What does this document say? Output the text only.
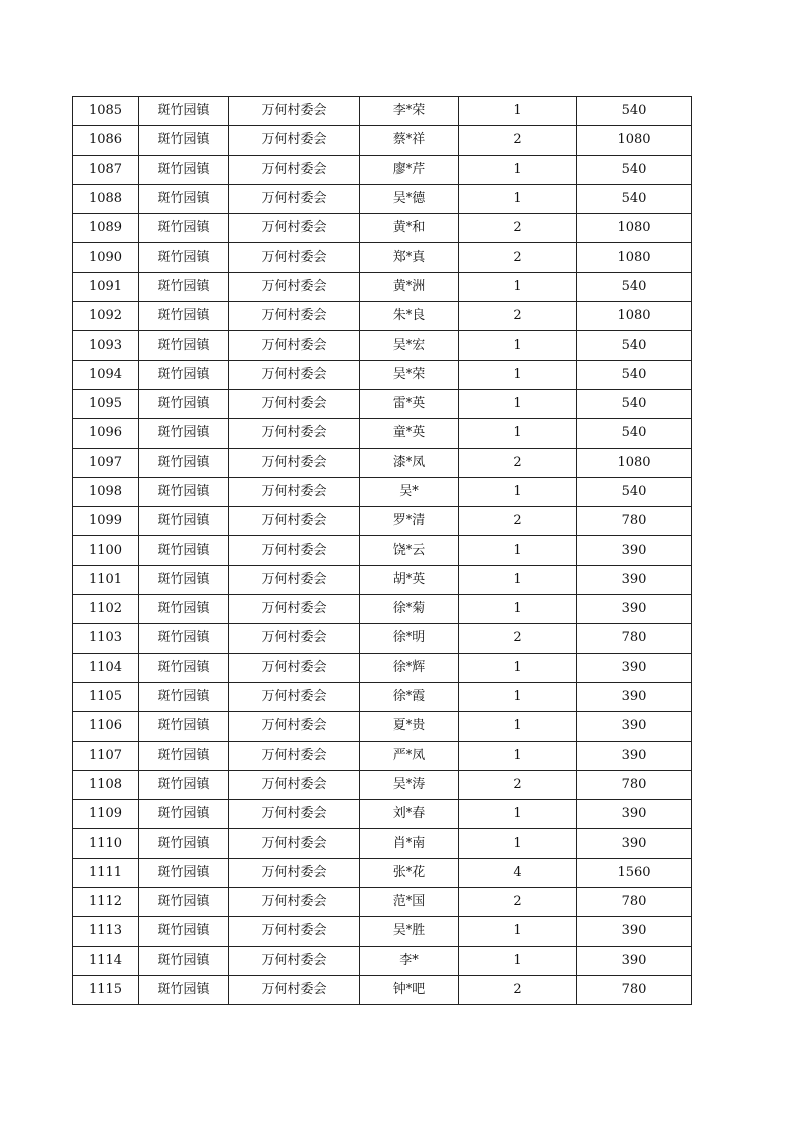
1085	斑竹园镇	万何村委会	李*荣	1	540
1086	斑竹园镇	万何村委会	蔡*祥	2	1080
1087	斑竹园镇	万何村委会	廖*芹	1	540
1088	斑竹园镇	万何村委会	吴*德	1	540
1089	斑竹园镇	万何村委会	黄*和	2	1080
1090	斑竹园镇	万何村委会	郑*真	2	1080
1091	斑竹园镇	万何村委会	黄*洲	1	540
1092	斑竹园镇	万何村委会	朱*良	2	1080
1093	斑竹园镇	万何村委会	吴*宏	1	540
1094	斑竹园镇	万何村委会	吴*荣	1	540
1095	斑竹园镇	万何村委会	雷*英	1	540
1096	斑竹园镇	万何村委会	童*英	1	540
1097	斑竹园镇	万何村委会	漆*凤	2	1080
1098	斑竹园镇	万何村委会	吴*	1	540
1099	斑竹园镇	万何村委会	罗*清	2	780
1100	斑竹园镇	万何村委会	饶*云	1	390
1101	斑竹园镇	万何村委会	胡*英	1	390
1102	斑竹园镇	万何村委会	徐*菊	1	390
1103	斑竹园镇	万何村委会	徐*明	2	780
1104	斑竹园镇	万何村委会	徐*辉	1	390
1105	斑竹园镇	万何村委会	徐*霞	1	390
1106	斑竹园镇	万何村委会	夏*贵	1	390
1107	斑竹园镇	万何村委会	严*凤	1	390
1108	斑竹园镇	万何村委会	吴*涛	2	780
1109	斑竹园镇	万何村委会	刘*春	1	390
1110	斑竹园镇	万何村委会	肖*南	1	390
1111	斑竹园镇	万何村委会	张*花	4	1560
1112	斑竹园镇	万何村委会	范*国	2	780
1113	斑竹园镇	万何村委会	吴*胜	1	390
1114	斑竹园镇	万何村委会	李*	1	390
1115	斑竹园镇	万何村委会	钟*吧	2	780
